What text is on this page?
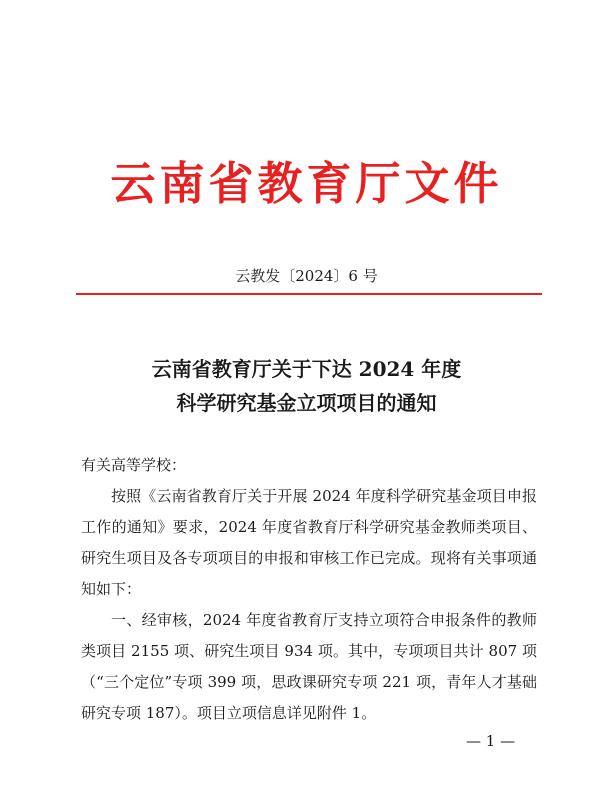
云南省教育厅文件
云教发〔2024〕6 号
云南省教育厅关于下达 2024 年度
科学研究基金立项项目的通知

有关高等学校：

按照《云南省教育厅关于开展 2024 年度科学研究基金项目申报工作的通知》要求，2024 年度省教育厅科学研究基金教师类项目、研究生项目及各专项项目的申报和审核工作已完成。现将有关事项通知如下：

一、经审核，2024 年度省教育厅支持立项符合申报条件的教师类项目 2155 项、研究生项目 934 项。其中，专项项目共计 807 项（“三个定位”专项 399 项，思政课研究专项 221 项，青年人才基础研究专项 187）。项目立项信息详见附件 1。

— 1 —
